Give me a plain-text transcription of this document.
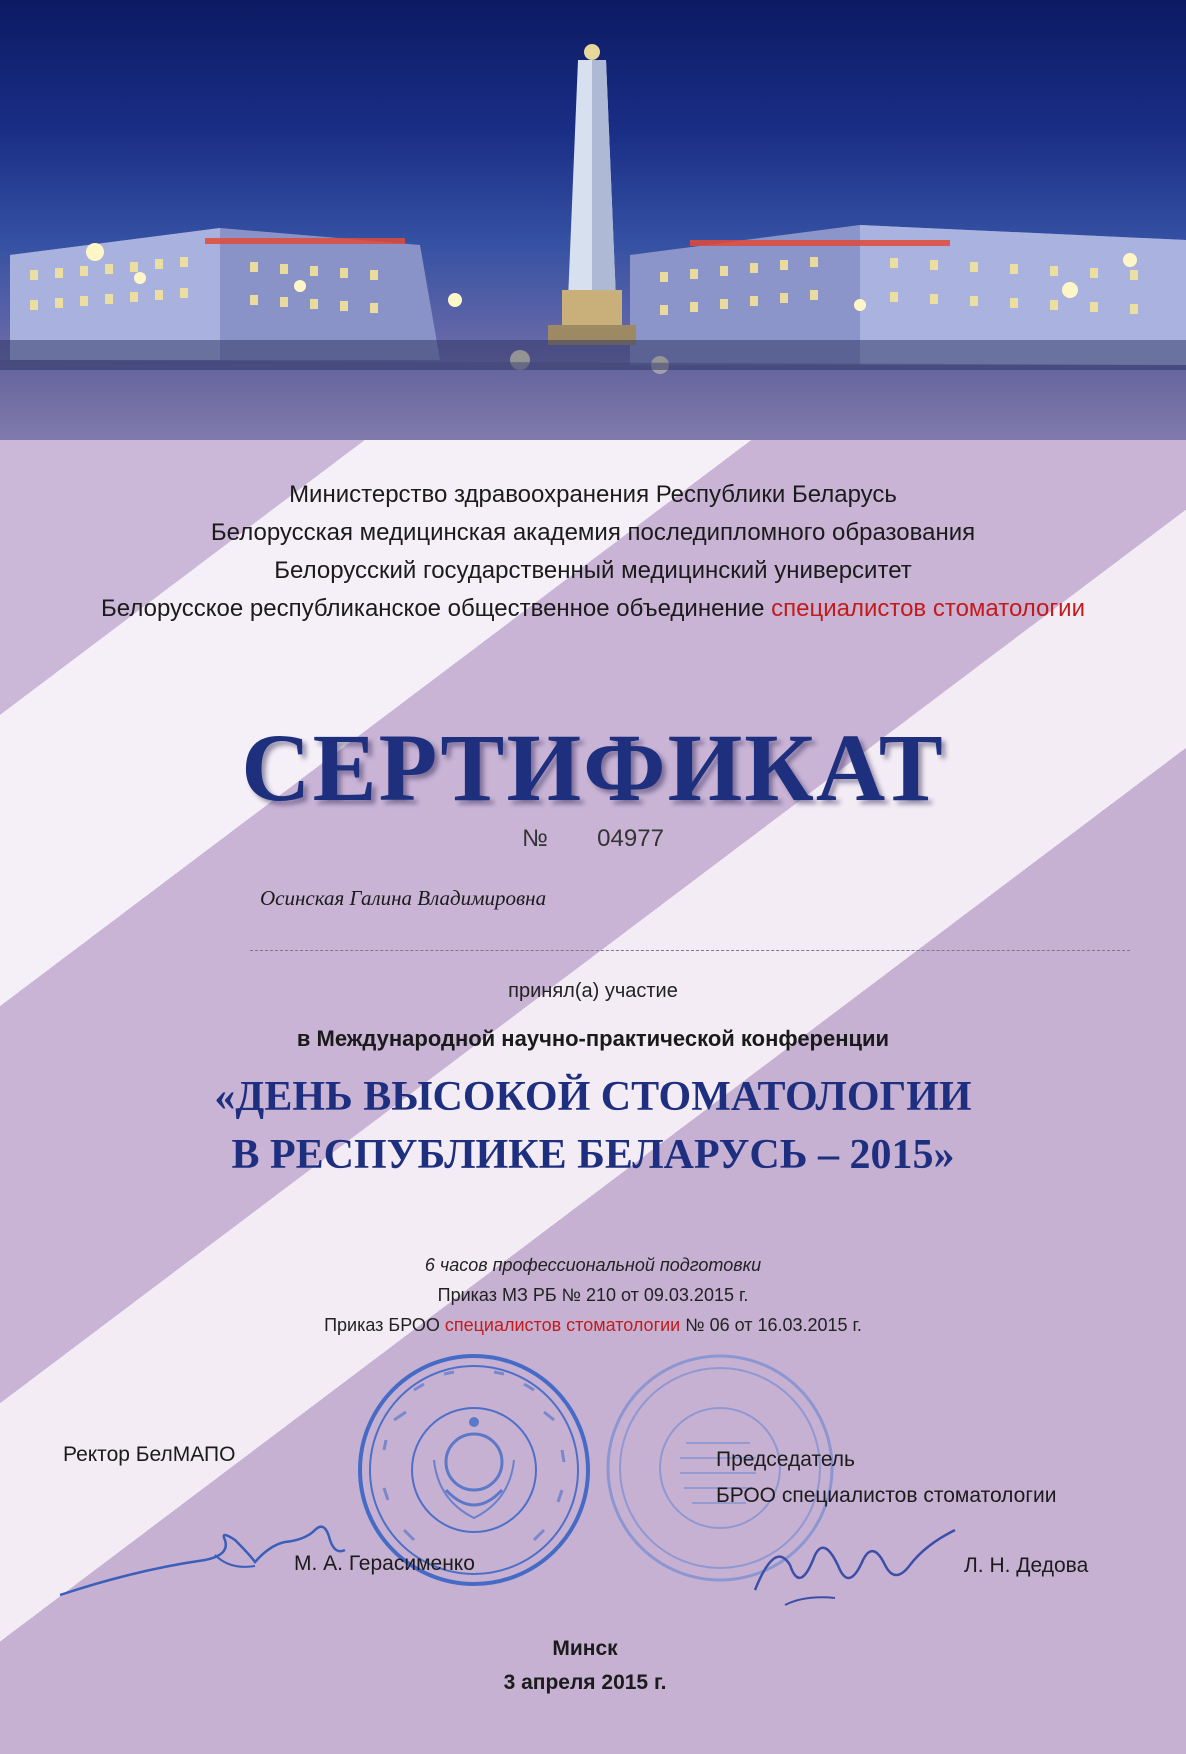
Министерство здравоохранения Республики Беларусь
Белорусская медицинская академия последипломного образования
Белорусский государственный медицинский университет
Белорусское республиканское общественное объединение специалистов стоматологии
СЕРТИФИКАТ
№ 04977
Осинская Галина Владимировна
принял(а) участие
в Международной научно-практической конференции
«ДЕНЬ ВЫСОКОЙ СТОМАТОЛОГИИ
В РЕСПУБЛИКЕ БЕЛАРУСЬ – 2015»
6 часов профессиональной подготовки
Приказ МЗ РБ № 210 от 09.03.2015 г.
Приказ БРОО специалистов стоматологии № 06 от 16.03.2015 г.
Ректор БелМАПО
М. А. Герасименко
Председатель
БРОО специалистов стоматологии
Л. Н. Дедова
Минск
3 апреля 2015 г.
